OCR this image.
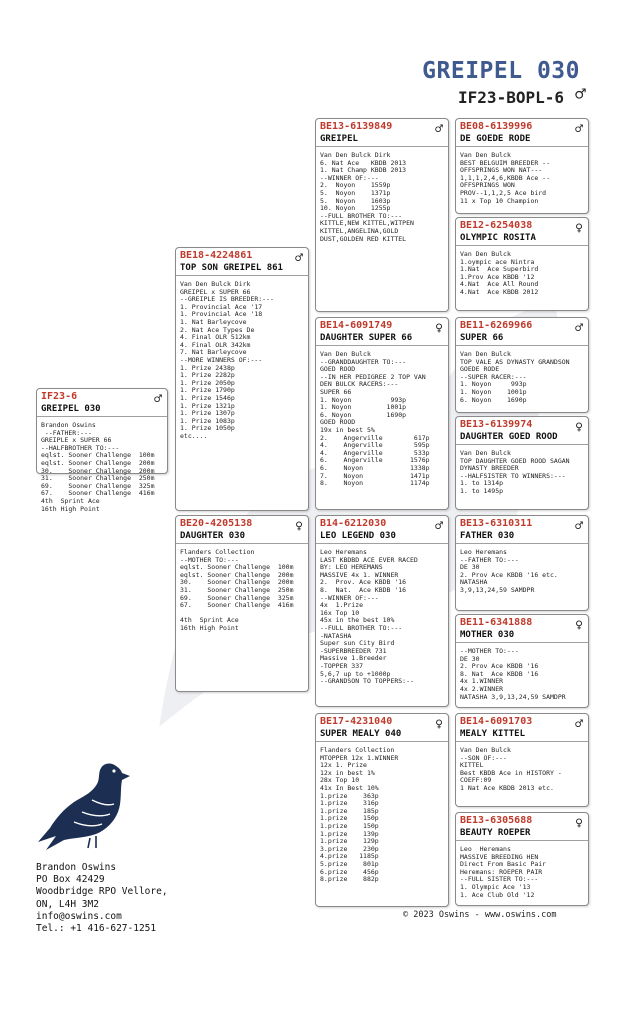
GREIPEL 030
IF23-BOPL-6 ♂
IF23-6
GREIPEL 030
♂
Brandon Oswins
--FATHER:---
GREIPLE x SUPER 66
--HALFBROTHER TO:---
eqlst. Sooner Challenge  100m
eqlst. Sooner Challenge  200m
30.    Sooner Challenge  200m
31.    Sooner Challenge  250m
69.    Sooner Challenge  325m
67.    Sooner Challenge  416m
4th  Sprint Ace
16th High Point
BE18-4224861
TOP SON GREIPEL 861
♂
Van Den Bulck Dirk
GREIPEL x SUPER 66
--GREIPLE IS BREEDER:---
1. Provincial Ace '17
1. Provincial Ace '18
1. Nat Barleycove
2. Nat Ace Types De
4. Final OLR 512km
4. Final OLR 342km
7. Nat Barleycove
--MORE WINNERS OF:---
1. Prize 2438p
1. Prize 2282p
1. Prize 2050p
1. Prize 1790p
1. Prize 1546p
1. Prize 1321p
1. Prize 1307p
1. Prize 1083p
1. Prize 1050p
etc....
BE20-4205138
DAUGHTER 030
♀
Flanders Collection
--MOTHER TO:---
eqlst. Sooner Challenge  100m
eqlst. Sooner Challenge  200m
30.    Sooner Challenge  200m
31.    Sooner Challenge  250m
69.    Sooner Challenge  325m
67.    Sooner Challenge  416m

4th  Sprint Ace
16th High Point
BE13-6139849
GREIPEL
♂
Van Den Bulck Dirk
6. Nat Ace   KBDB 2013
1. Nat Champ KBDB 2013
--WINNER OF:---
2.  Noyon    1559p
5.  Noyon    1371p
5.  Noyon    1603p
10. Noyon    1255p
--FULL BROTHER TO:---
KITTLE,NEW KITTEL,WITPEN
KITTEL,ANGELINA,GOLD
DUST,GOLDEN RED KITTEL
BE14-6091749
DAUGHTER SUPER 66
♀
Van Den Bulck
--GRANDDAUGHTER TO:---
GOED ROOD
--IN HER PEDIGREE 2 TOP VAN
DEN BULCK RACERS:---
SUPER 66
1. Noyon          993p
1. Noyon         1001p
6. Noyon         1690p
GOED ROOD
19x in best 5%
2.    Angerville        617p
4.    Angerville        595p
4.    Angerville        533p
6.    Angerville       1576p
6.    Noyon            1338p
7.    Noyon            1471p
8.    Noyon            1174p
B14-6212030
LEO LEGEND 030
♂
Leo Heremans
LAST KBDBD ACE EVER RACED
BY: LEO HEREMANS
MASSIVE 4x 1. WINNER
2.  Prov. Ace KBDB '16
8.  Nat.  Ace KBDB '16
--WINNER OF:---
4x  1.Prize
16x Top 10
45x in the best 10%
--FULL BROTHER TO:---
-NATASHA
Super sun City Bird
-SUPERBREEDER 731
Massive 1.Breeder
-TOPPER 337
5,6,7 up to +1000p
--GRANDSON TO TOPPERS:--
BE17-4231040
SUPER MEALY 040
♀
Flanders Collection
MTOPPER 12x 1.WINNER
12x 1. Prize
12x in best 1%
28x Top 10
41x In Best 10%
1.prize    363p
1.prize    316p
1.prize    185p
1.prize    150p
1.prize    150p
1.prize    139p
1.prize    129p
3.prize    230p
4.prize   1185p
5.prize    801p
6.prize    456p
8.prize    882p
BE08-6139996
DE GOEDE RODE
♂
Van Den Bulck
BEST BELGUIM BREEDER --
OFFSPRINGS WON NAT---
1,1,1,2,4,6,KBDB Ace --
OFFSPRINGS WON
PROV--1,1,2,5 Ace bird
11 x Top 10 Champion
BE12-6254038
OLYMPIC ROSITA
♀
Van Den Bulck
1.oympic ace Nintra
1.Nat  Ace Superbird
1.Prov Ace KBDB '12
4.Nat  Ace All Round
4.Nat  Ace KBDB 2012
BE11-6269966
SUPER 66
♂
Van Den Bulck
TOP VALE AS DYNASTY GRANDSON
GOEDE RODE
--SUPER RACER:---
1. Noyon     993p
1. Noyon    1001p
6. Noyon    1690p
BE13-6139974
DAUGHTER GOED ROOD
♀
Van Den Bulck
TOP DAUGHTER GOED ROOD SAGAN
DYNASTY BREEDER
--HALFSISTER TO WINNERS:---
1. to 1314p
1. to 1495p
BE13-6310311
FATHER 030
♂
Leo Heremans
--FATHER TO:---
DE 30
2. Prov Ace KBDB '16 etc.
NATASHA
3,9,13,24,59 SAMDPR
BE11-6341888
MOTHER 030
♀
--MOTHER TO:---
DE 30
2. Prov Ace KBDB '16
8. Nat  Ace KBDB '16
4x 1.WINNER
4x 2.WINNER
NATASHA 3,9,13,24,59 SAMDPR
BE14-6091703
MEALY KITTEL
♂
Van Den Bulck
--SON OF:---
KITTEL
Best KBDB Ace in HISTORY -
COEFF:09
1 Nat Ace KBDB 2013 etc.
BE13-6305688
BEAUTY ROEPER
♀
Leo  Heremans
MASSIVE BREEDING HEN
Direct From Basic Pair
Heremans: ROEPER PAIR
--FULL SISTER TO:---
1. Olympic Ace '13
1. Ace Club Old '12
Brandon Oswins
PO Box 42429
Woodbridge RPO Vellore,
ON, L4H 3M2
info@oswins.com
Tel.: +1 416-627-1251
© 2023 Oswins - www.oswins.com
